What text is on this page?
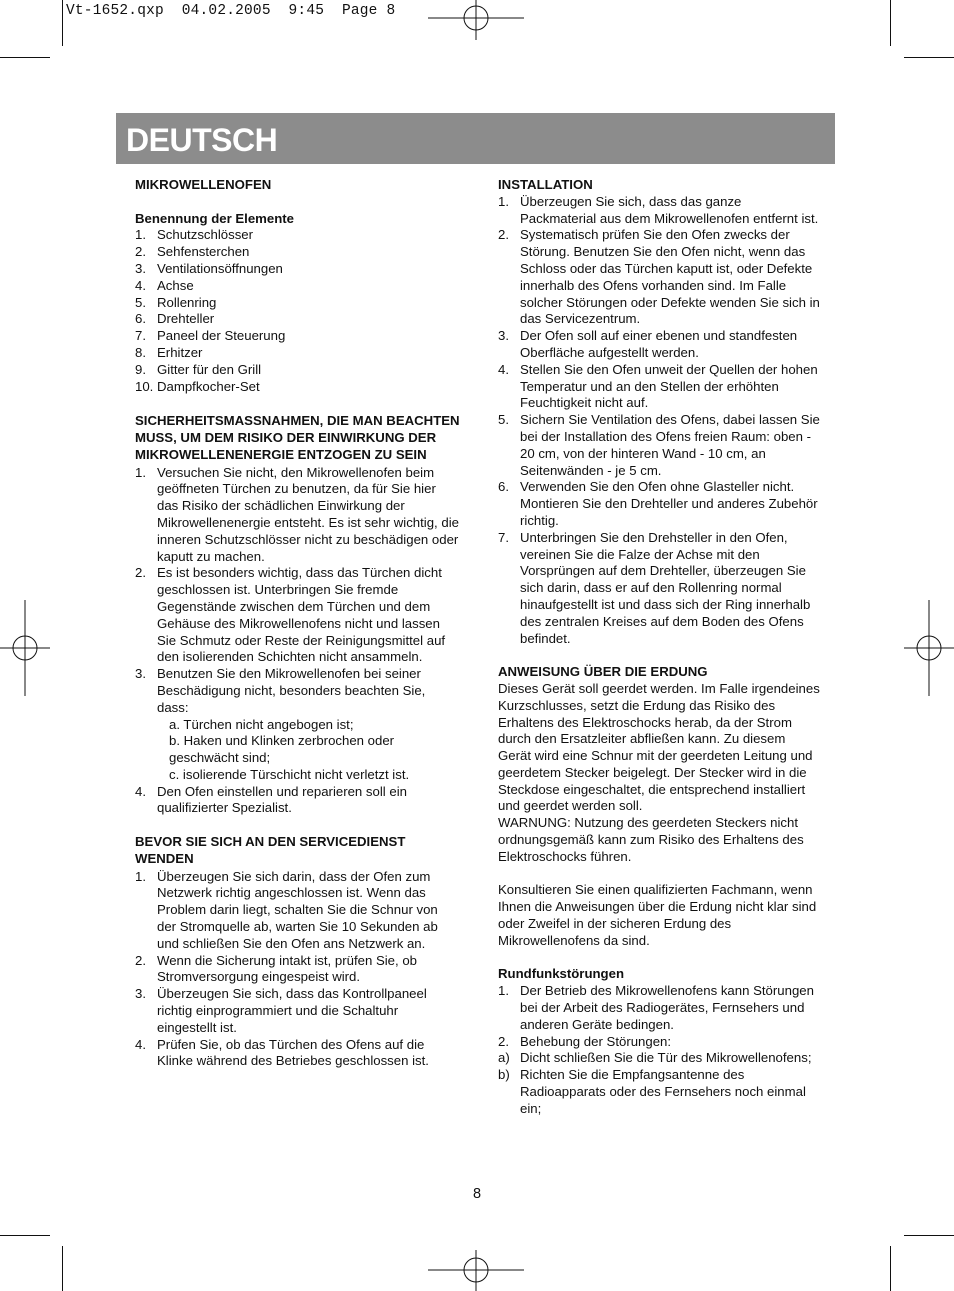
Vt-1652.qxp  04.02.2005  9:45  Page 8
DEUTSCH
MIKROWELLENOFEN
Benennung der Elemente
1. Schutzschlösser
2. Sehfensterchen
3. Ventilationsöffnungen
4. Achse
5. Rollenring
6. Drehteller
7. Paneel der Steuerung
8. Erhitzer
9. Gitter für den Grill
10. Dampfkocher-Set
SICHERHEITSMASSNAHMEN, DIE MAN BEACHTEN MUSS, UM DEM RISIKO DER EINWIRKUNG DER MIKROWELLENENERGIE ENTZOGEN ZU SEIN
1. Versuchen Sie nicht, den Mikrowellenofen beim geöffneten Türchen zu benutzen, da für Sie hier das Risiko der schädlichen Einwirkung der Mikrowellenenergie entsteht. Es ist sehr wichtig, die inneren Schutzschlösser nicht zu beschädigen oder kaputt zu machen.
2. Es ist besonders wichtig, dass das Türchen dicht geschlossen ist. Unterbringen Sie fremde Gegenstände zwischen dem Türchen und dem Gehäuse des Mikrowellenofens nicht und lassen Sie Schmutz oder Reste der Reinigungsmittel auf den isolierenden Schichten nicht ansammeln.
3. Benutzen Sie den Mikrowellenofen bei seiner Beschädigung nicht, besonders beachten Sie, dass:
a. Türchen nicht angebogen ist;
b. Haken und Klinken zerbrochen oder geschwächt sind;
c. isolierende Türschicht nicht verletzt ist.
4. Den Ofen einstellen und reparieren soll ein qualifizierter Spezialist.
BEVOR SIE SICH AN DEN SERVICEDIENST WENDEN
1. Überzeugen Sie sich darin, dass der Ofen zum Netzwerk richtig angeschlossen ist. Wenn das Problem darin liegt, schalten Sie die Schnur von der Stromquelle ab, warten Sie 10 Sekunden ab und schließen Sie den Ofen ans Netzwerk an.
2. Wenn die Sicherung intakt ist, prüfen Sie, ob Stromversorgung eingespeist wird.
3. Überzeugen Sie sich, dass das Kontrollpaneel richtig einprogrammiert und die Schaltuhr eingestellt ist.
4. Prüfen Sie, ob das Türchen des Ofens auf die Klinke während des Betriebes geschlossen ist.
INSTALLATION
1. Überzeugen Sie sich, dass das ganze Packmaterial aus dem Mikrowellenofen entfernt ist.
2. Systematisch prüfen Sie den Ofen zwecks der Störung. Benutzen Sie den Ofen nicht, wenn das Schloss oder das Türchen kaputt ist, oder Defekte innerhalb des Ofens vorhanden sind. Im Falle solcher Störungen oder Defekte wenden Sie sich in das Servicezentrum.
3. Der Ofen soll auf einer ebenen und standfesten Oberfläche aufgestellt werden.
4. Stellen Sie den Ofen unweit der Quellen der hohen Temperatur und an den Stellen der erhöhten Feuchtigkeit nicht auf.
5. Sichern Sie Ventilation des Ofens, dabei lassen Sie bei der Installation des Ofens freien Raum: oben - 20 cm, von der hinteren Wand - 10 cm, an Seitenwänden - je 5 cm.
6. Verwenden Sie den Ofen ohne Glasteller nicht. Montieren Sie den Drehteller und anderes Zubehör richtig.
7. Unterbringen Sie den Drehsteller in den Ofen, vereinen Sie die Falze der Achse mit den Vorsprüngen auf dem Drehteller, überzeugen Sie sich darin, dass er auf den Rollenring normal hinaufgestellt ist und dass sich der Ring innerhalb des zentralen Kreises auf dem Boden des Ofens befindet.
ANWEISUNG ÜBER DIE ERDUNG
Dieses Gerät soll geerdet werden. Im Falle irgendeines Kurzschlusses, setzt die Erdung das Risiko des Erhaltens des Elektroschocks herab, da der Strom durch den Ersatzleiter abfließen kann. Zu diesem Gerät wird eine Schnur mit der geerdeten Leitung und geerdetem Stecker beigelegt. Der Stecker wird in die Steckdose eingeschaltet, die entsprechend installiert und geerdet werden soll.
WARNUNG: Nutzung des geerdeten Steckers nicht ordnungsgemäß kann zum Risiko des Erhaltens des Elektroschocks führen.
Konsultieren Sie einen qualifizierten Fachmann, wenn Ihnen die Anweisungen über die Erdung nicht klar sind oder Zweifel in der sicheren Erdung des Mikrowellenofens da sind.
Rundfunkstörungen
1. Der Betrieb des Mikrowellenofens kann Störungen bei der Arbeit des Radiogerätes, Fernsehers und anderen Geräte bedingen.
2. Behebung der Störungen:
a) Dicht schließen Sie die Tür des Mikrowellenofens;
b) Richten Sie die Empfangsantenne des Radioapparats oder des Fernsehers noch einmal ein;
8
